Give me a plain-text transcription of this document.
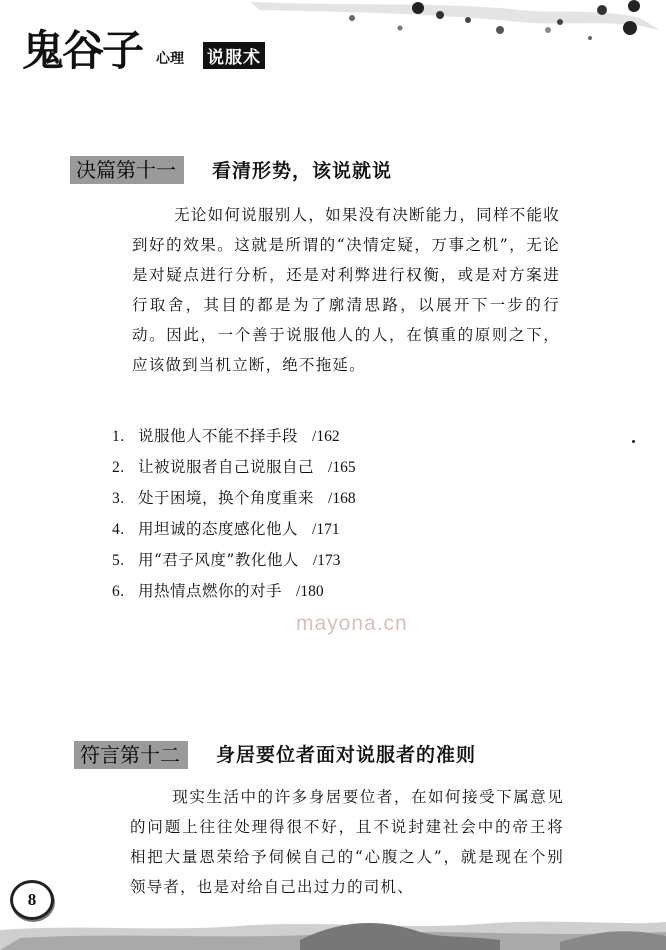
鬼谷子 心理 说服术
决篇第十一	看清形势，该说就说
无论如何说服别人，如果没有决断能力，同样不能收到好的效果。这就是所谓的“决情定疑，万事之机”，无论是对疑点进行分析，还是对利弊进行权衡，或是对方案进行取舍，其目的都是为了廓清思路，以展开下一步的行动。因此，一个善于说服他人的人，在慎重的原则之下，应该做到当机立断，绝不拖延。
1. 说服他人不能不择手段 /162
2. 让被说服者自己说服自己 /165
3. 处于困境，换个角度重来 /168
4. 用坦诚的态度感化他人 /171
5. 用“君子风度”教化他人 /173
6. 用热情点燃你的对手 /180
mayona.cn
符言第十二	身居要位者面对说服者的准则
现实生活中的许多身居要位者，在如何接受下属意见的问题上往往处理得很不好，且不说封建社会中的帝王将相把大量恩荣给予伺候自己的“心腹之人”，就是现在个别领导者，也是对给自己出过力的司机、
8
